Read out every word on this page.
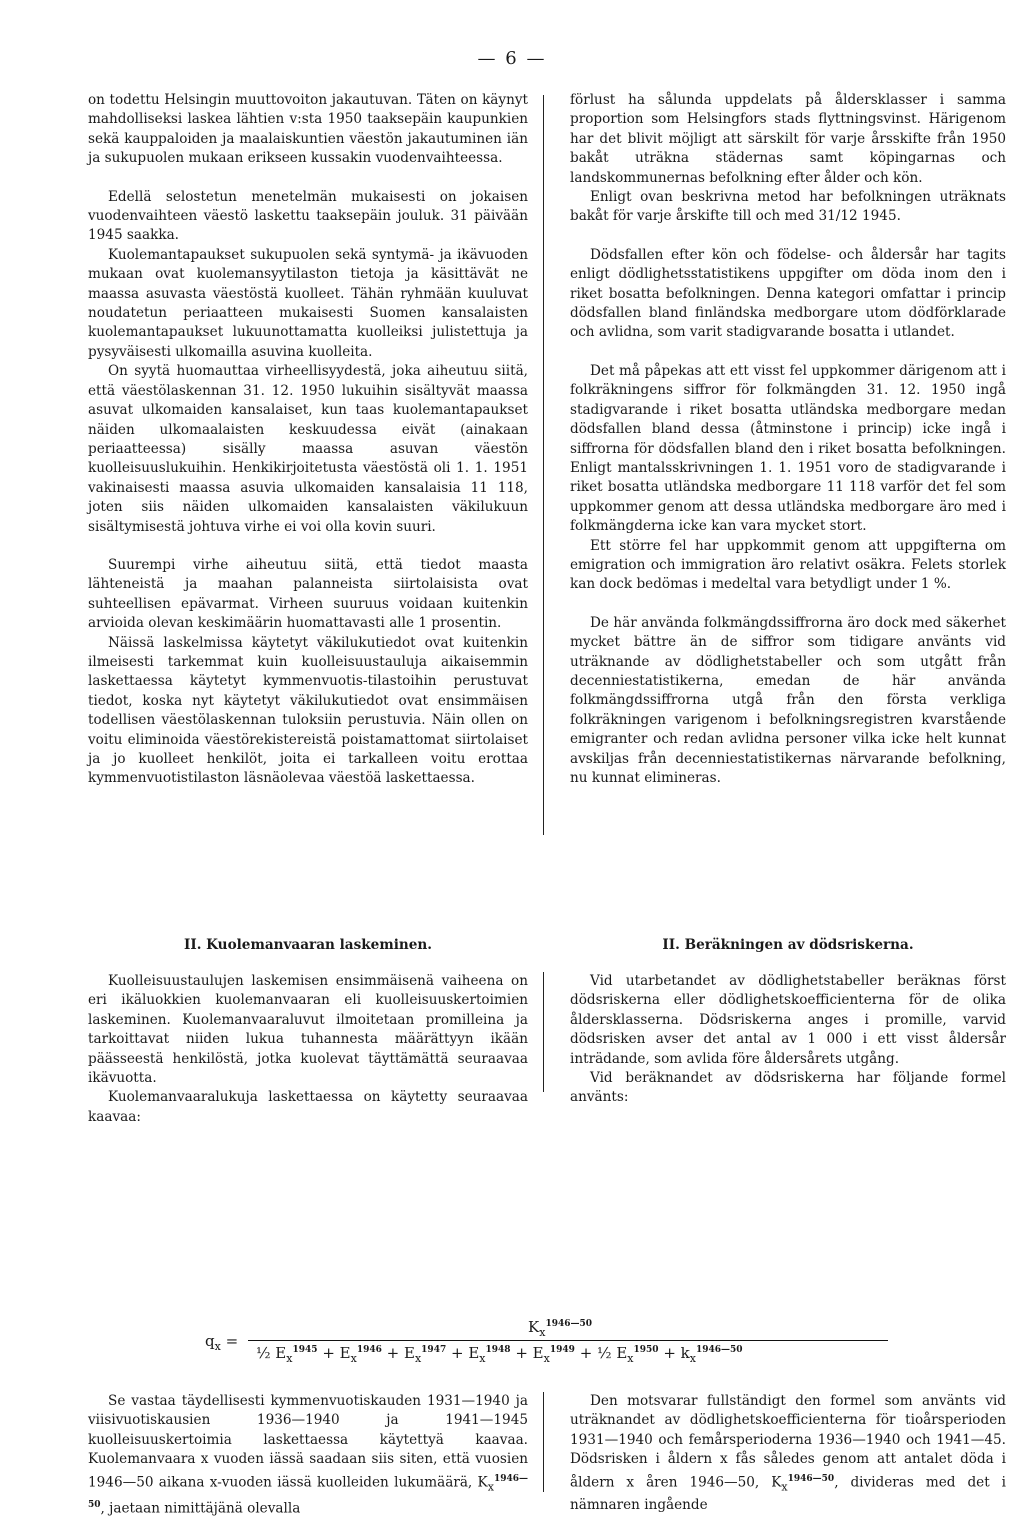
— 6 —

on todettu Helsingin muuttovoiton jakautuvan. Täten on käynyt mahdolliseksi laskea lähtien v:sta 1950 taaksepäin kaupunkien sekä kauppaloiden ja maalaiskuntien väestön jakautuminen iän ja sukupuolen mukaan erikseen kussakin vuodenvaihteessa.

Edellä selostetun menetelmän mukaisesti on jokaisen vuodenvaihteen väestö laskettu taaksepäin jouluk. 31 päivään 1945 saakka.

Kuolemantapaukset sukupuolen sekä syntymä- ja ikävuoden mukaan ovat kuolemansyytilaston tietoja ja käsittävät ne maassa asuvasta väestöstä kuolleet. Tähän ryhmään kuuluvat noudatetun periaatteen mukaisesti Suomen kansalaisten kuolemantapaukset lukuunottamatta kuolleiksi julistettuja ja pysyväisesti ulkomailla asuvina kuolleita.

On syytä huomauttaa virheellisyydestä, joka aiheutuu siitä, että väestölaskennan 31. 12. 1950 lukuihin sisältyvät maassa asuvat ulkomaiden kansalaiset, kun taas kuolemantapaukset näiden ulkomaalaisten keskuudessa eivät (ainakaan periaatteessa) sisälly maassa asuvan väestön kuolleisuuslukuihin. Henkikirjoitetusta väestöstä oli 1. 1. 1951 vakinaisesti maassa asuvia ulkomaiden kansalaisia 11 118, joten siis näiden ulkomaiden kansalaisten väkilukuun sisältymisestä johtuva virhe ei voi olla kovin suuri.

Suurempi virhe aiheutuu siitä, että tiedot maasta lähteneistä ja maahan palanneista siirtolaisista ovat suhteellisen epävarmat. Virheen suuruus voidaan kuitenkin arvioida olevan keskimäärin huomattavasti alle 1 prosentin.

Näissä laskelmissa käytetyt väkilukutiedot ovat kuitenkin ilmeisesti tarkemmat kuin kuolleisuustauluja aikaisemmin laskettaessa käytetyt kymmenvuotis-tilastoihin perustuvat tiedot, koska nyt käytetyt väkilukutiedot ovat ensimmäisen todellisen väestölaskennan tuloksiin perustuvia. Näin ollen on voitu eliminoida väestörekistereistä poistamattomat siirtolaiset ja jo kuolleet henkilöt, joita ei tarkalleen voitu erottaa kymmenvuotistilaston läsnäolevaa väestöä laskettaessa.

förlust ha sålunda uppdelats på åldersklasser i samma proportion som Helsingfors stads flyttningsvinst. Härigenom har det blivit möjligt att särskilt för varje årsskifte från 1950 bakåt uträkna städernas samt köpingarnas och landskommunernas befolkning efter ålder och kön.

Enligt ovan beskrivna metod har befolkningen uträknats bakåt för varje årskifte till och med 31/12 1945.

Dödsfallen efter kön och födelse- och åldersår har tagits enligt dödlighetsstatistikens uppgifter om döda inom den i riket bosatta befolkningen. Denna kategori omfattar i princip dödsfallen bland finländska medborgare utom dödförklarade och avlidna, som varit stadigvarande bosatta i utlandet.

Det må påpekas att ett visst fel uppkommer därigenom att i folkräkningens siffror för folkmängden 31. 12. 1950 ingå stadigvarande i riket bosatta utländska medborgare medan dödsfallen bland dessa (åtminstone i princip) icke ingå i siffrorna för dödsfallen bland den i riket bosatta befolkningen. Enligt mantalsskrivningen 1. 1. 1951 voro de stadigvarande i riket bosatta utländska medborgare 11 118 varför det fel som uppkommer genom att dessa utländska medborgare äro med i folkmängderna icke kan vara mycket stort.

Ett större fel har uppkommit genom att uppgifterna om emigration och immigration äro relativt osäkra. Felets storlek kan dock bedömas i medeltal vara betydligt under 1 %.

De här använda folkmängdssiffrorna äro dock med säkerhet mycket bättre än de siffror som tidigare använts vid uträknande av dödlighetstabeller och som utgått från decenniestatistikerna, emedan de här använda folkmängdssiffrorna utgå från den första verkliga folkräkningen varigenom i befolkningsregistren kvarstående emigranter och redan avlidna personer vilka icke helt kunnat avskiljas från decenniestatistikernas närvarande befolkning, nu kunnat elimineras.

II. Kuolemanvaaran laskeminen.	II. Beräkningen av dödsriskerna.

Kuolleisuustaulujen laskemisen ensimmäisenä vaiheena on eri ikäluokkien kuolemanvaaran eli kuolleisuuskertoimien laskeminen. Kuolemanvaaraluvut ilmoitetaan promilleina ja tarkoittavat niiden lukua tuhannesta määrättyyn ikään päässeestä henkilöstä, jotka kuolevat täyttämättä seuraavaa ikävuotta.

Kuolemanvaaralukuja laskettaessa on käytetty seuraavaa kaavaa:

Vid utarbetandet av dödlighetstabeller beräknas först dödsriskerna eller dödlighetskoefficienterna för de olika åldersklasserna. Dödsriskerna anges i promille, varvid dödsrisken avser det antal av 1 000 i ett visst åldersår inträdande, som avlida före åldersårets utgång.

Vid beräknandet av dödsriskerna har följande formel använts:

$q_x$ =
$K_x^{1946—50}$
½ $E_x^{1945} + E_x^{1946} + E_x^{1947} + E_x^{1948} + E_x^{1949}$ + ½ $E_x^{1950} + k_x^{1946—50}$

Se vastaa täydellisesti kymmenvuotiskauden 1931—1940 ja viisivuotiskausien 1936—1940 ja 1941—1945 kuolleisuuskertoimia laskettaessa käytettyä kaavaa. Kuolemanvaara x vuoden iässä saadaan siis siten, että vuosien 1946—50 aikana x-vuoden iässä kuolleiden lukumäärä, $K_x^{1946—50}$, jaetaan nimittäjänä olevalla

Den motsvarar fullständigt den formel som använts vid uträknandet av dödlighetskoefficienterna för tioårsperioden 1931—1940 och femårsperioderna 1936—1940 och 1941—45. Dödsrisken i åldern x fås således genom att antalet döda i åldern x åren 1946—50, $K_x^{1946—50}$, divideras med det i nämnaren ingående
